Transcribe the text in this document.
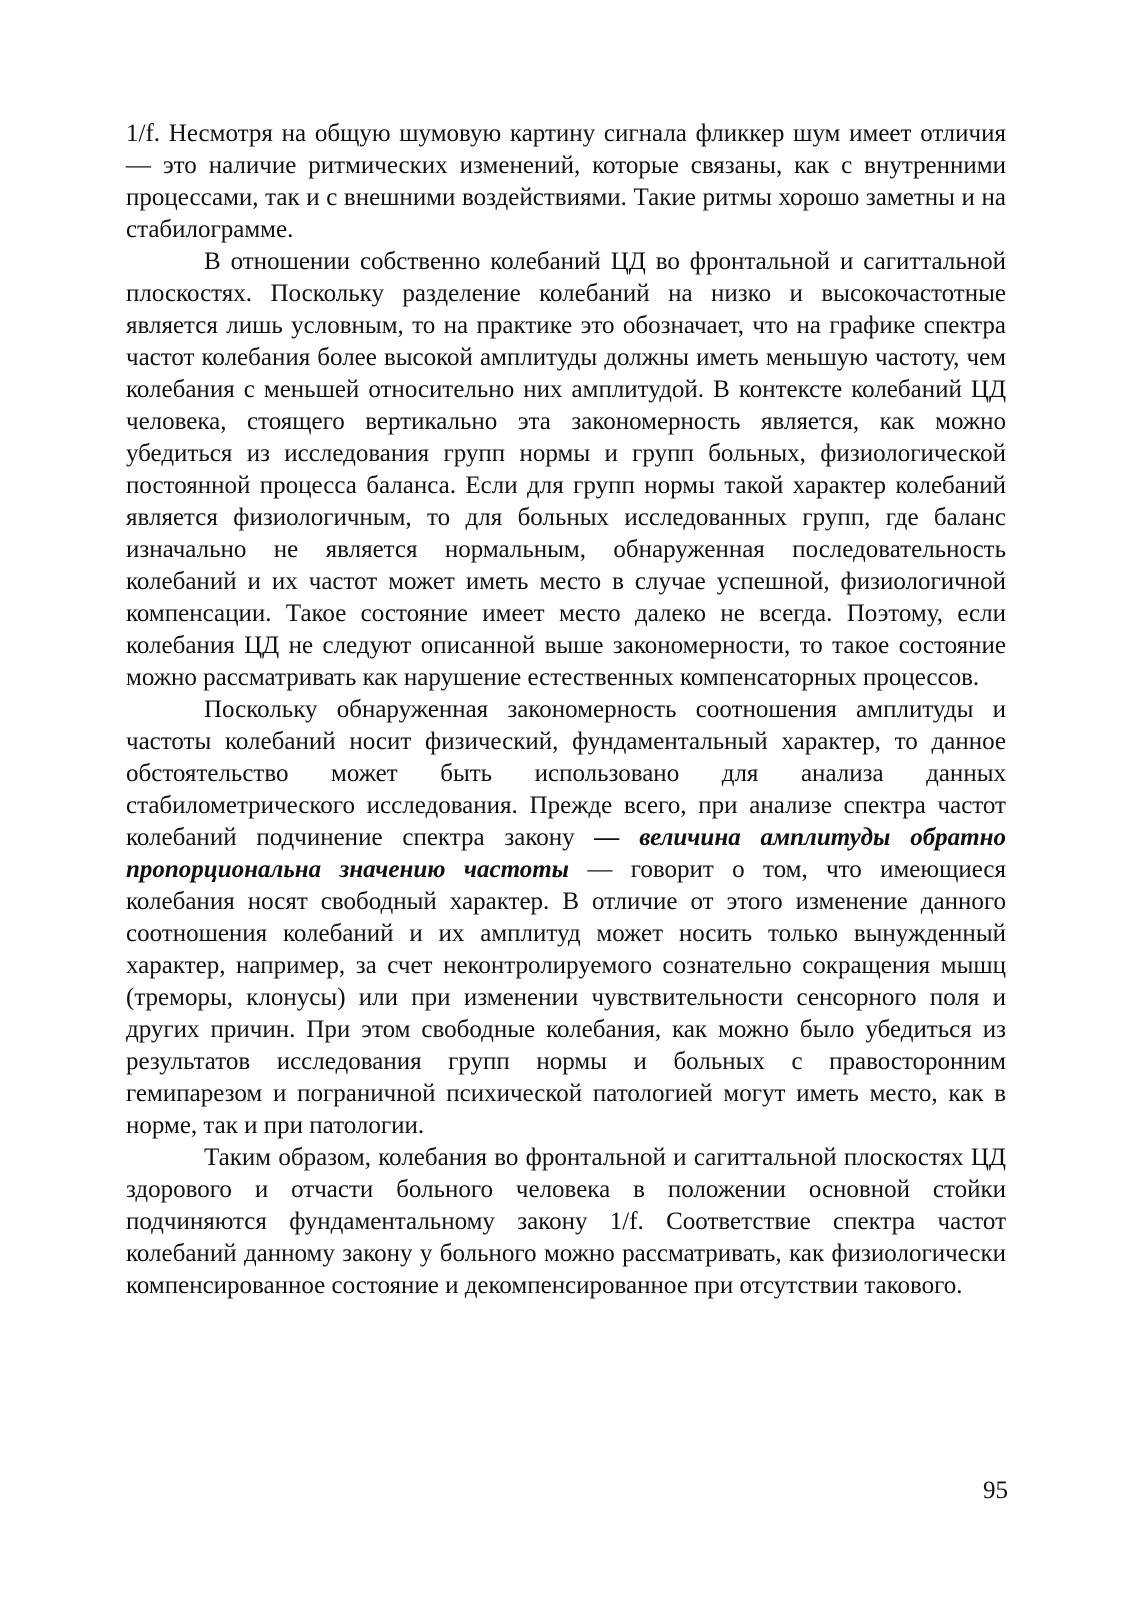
1/f. Несмотря на общую шумовую картину сигнала фликкер шум имеет отличия — это наличие ритмических изменений, которые связаны, как с внутренними процессами, так и с внешними воздействиями. Такие ритмы хорошо заметны и на стабилограмме.

В отношении собственно колебаний ЦД во фронтальной и сагиттальной плоскостях. Поскольку разделение колебаний на низко и высокочастотные является лишь условным, то на практике это обозначает, что на графике спектра частот колебания более высокой амплитуды должны иметь меньшую частоту, чем колебания с меньшей относительно них амплитудой. В контексте колебаний ЦД человека, стоящего вертикально эта закономерность является, как можно убедиться из исследования групп нормы и групп больных, физиологической постоянной процесса баланса. Если для групп нормы такой характер колебаний является физиологичным, то для больных исследованных групп, где баланс изначально не является нормальным, обнаруженная последовательность колебаний и их частот может иметь место в случае успешной, физиологичной компенсации. Такое состояние имеет место далеко не всегда. Поэтому, если колебания ЦД не следуют описанной выше закономерности, то такое состояние можно рассматривать как нарушение естественных компенсаторных процессов.

Поскольку обнаруженная закономерность соотношения амплитуды и частоты колебаний носит физический, фундаментальный характер, то данное обстоятельство может быть использовано для анализа данных стабилометрического исследования. Прежде всего, при анализе спектра частот колебаний подчинение спектра закону — величина амплитуды обратно пропорциональна значению частоты — говорит о том, что имеющиеся колебания носят свободный характер. В отличие от этого изменение данного соотношения колебаний и их амплитуд может носить только вынужденный характер, например, за счет неконтролируемого сознательно сокращения мышц (треморы, клонусы) или при изменении чувствительности сенсорного поля и других причин. При этом свободные колебания, как можно было убедиться из результатов исследования групп нормы и больных с правосторонним гемипарезом и пограничной психической патологией могут иметь место, как в норме, так и при патологии.

Таким образом, колебания во фронтальной и сагиттальной плоскостях ЦД здорового и отчасти больного человека в положении основной стойки подчиняются фундаментальному закону 1/f. Соответствие спектра частот колебаний данному закону у больного можно рассматривать, как физиологически компенсированное состояние и декомпенсированное при отсутствии такового.

95
